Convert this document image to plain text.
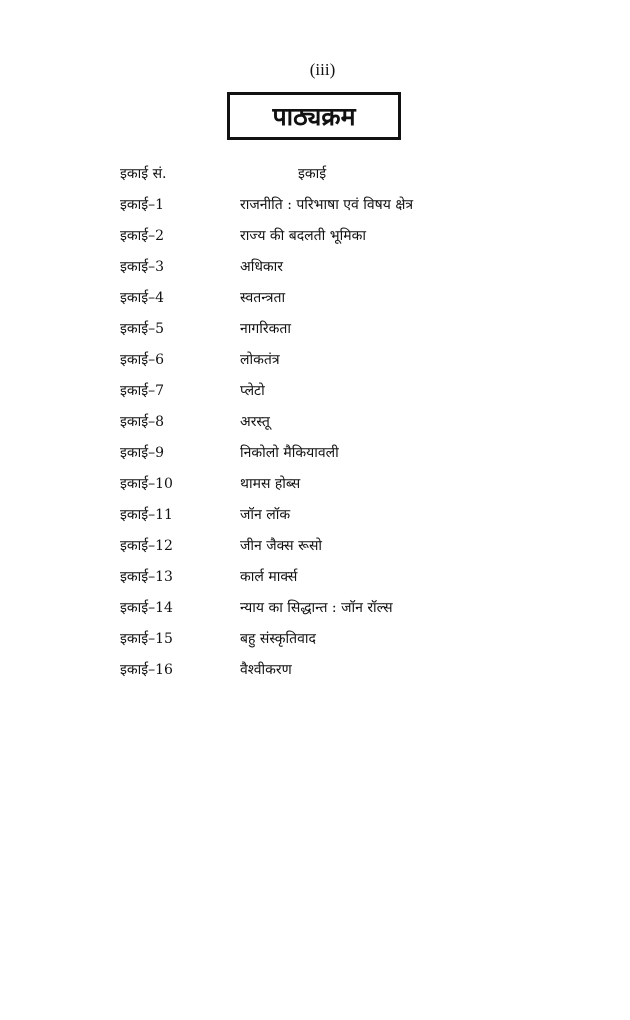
(iii)
पाठ्यक्रम
इकाई सं.	इकाई
इकाई–1	राजनीति : परिभाषा एवं विषय क्षेत्र
इकाई–2	राज्य की बदलती भूमिका
इकाई–3	अधिकार
इकाई–4	स्वतन्त्रता
इकाई–5	नागरिकता
इकाई–6	लोकतंत्र
इकाई–7	प्लेटो
इकाई–8	अरस्तू
इकाई–9	निकोलो मैकियावली
इकाई–10	थामस होब्स
इकाई–11	जॉन लॉक
इकाई–12	जीन जैक्स रूसो
इकाई–13	कार्ल मार्क्स
इकाई–14	न्याय का सिद्धान्त : जॉन रॉल्स
इकाई–15	बहु संस्कृतिवाद
इकाई–16	वैश्वीकरण
